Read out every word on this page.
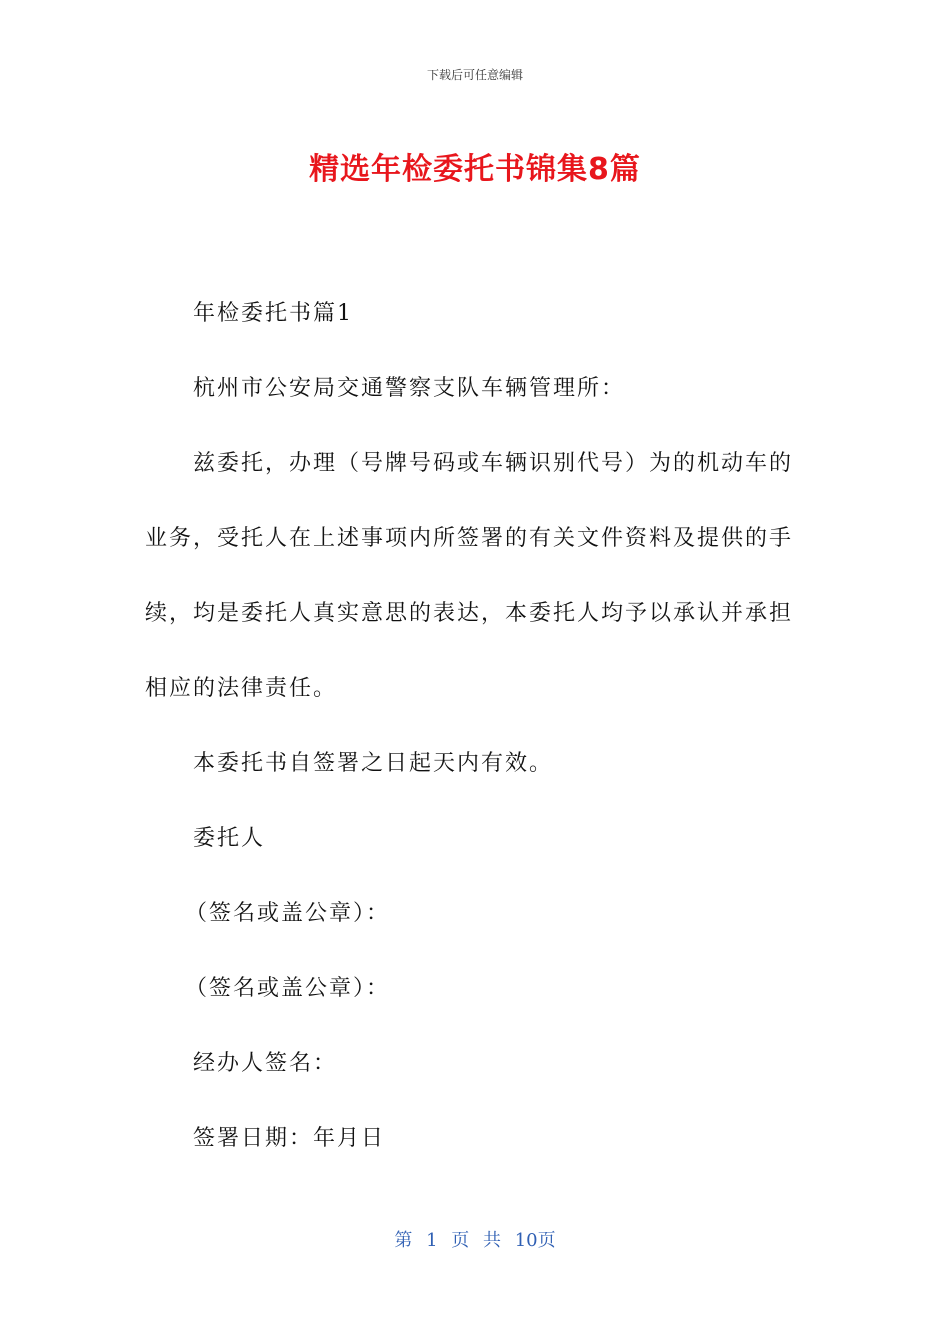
下载后可任意编辑
精选年检委托书锦集8篇

年检委托书篇1

杭州市公安局交通警察支队车辆管理所：

兹委托，办理（号牌号码或车辆识别代号）为的机动车的业务，受托人在上述事项内所签署的有关文件资料及提供的手续，均是委托人真实意思的表达，本委托人均予以承认并承担相应的法律责任。

本委托书自签署之日起天内有效。

委托人

（签名或盖公章）：

（签名或盖公章）：

经办人签名：

签署日期：年月日

第 1 页 共 10页
